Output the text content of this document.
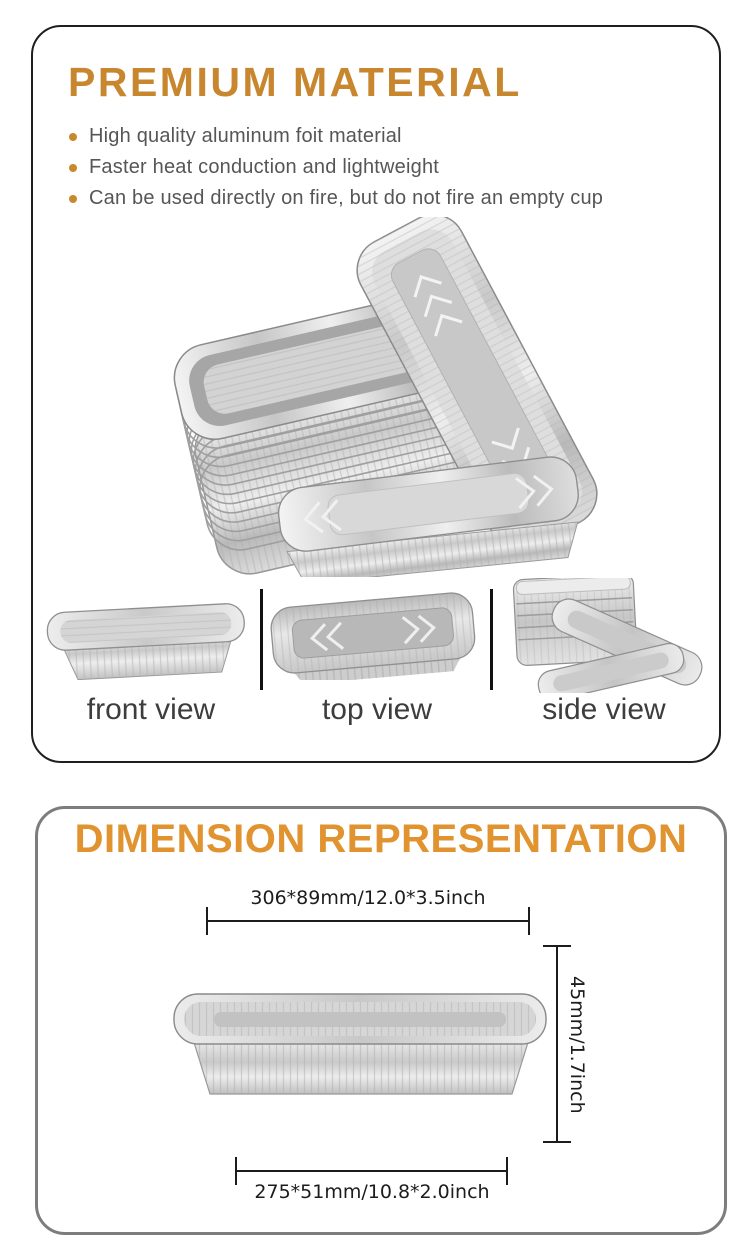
PREMIUM MATERIAL
High quality aluminum foit material
Faster heat conduction and lightweight
Can be used directly on fire, but do not fire an empty cup
front view	top view	side view
DIMENSION REPRESENTATION
306*89mm/12.0*3.5inch
45mm/1.7inch
275*51mm/10.8*2.0inch
